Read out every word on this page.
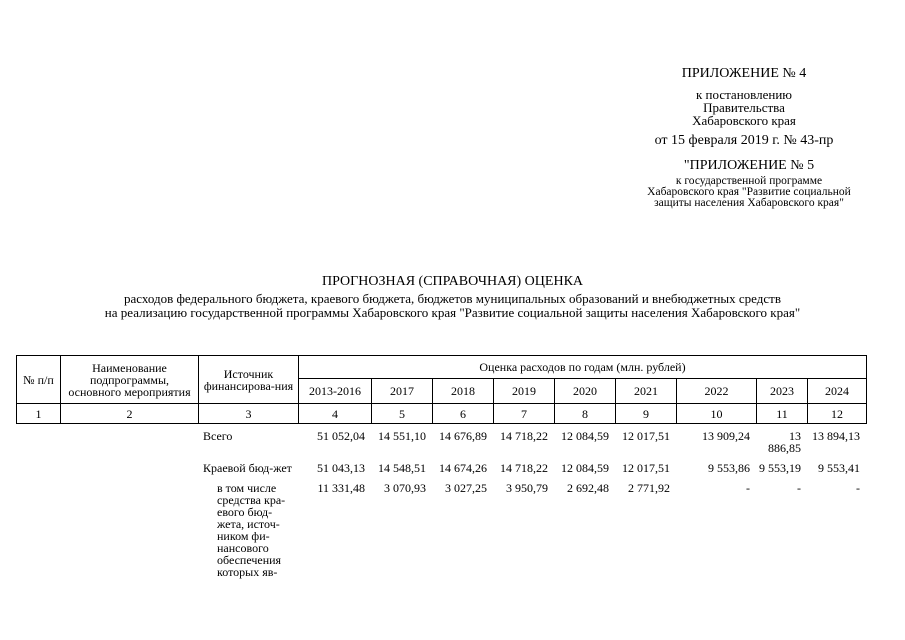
ПРИЛОЖЕНИЕ № 4
к постановлению
Правительства
Хабаровского края
от 15 февраля 2019 г. № 43-пр
"ПРИЛОЖЕНИЕ № 5
к государственной программе
Хабаровского края "Развитие социальной
защиты населения Хабаровского края"
ПРОГНОЗНАЯ (СПРАВОЧНАЯ) ОЦЕНКА
расходов федерального бюджета, краевого бюджета, бюджетов муниципальных образований и внебюджетных средств
на реализацию государственной программы Хабаровского края "Развитие социальной защиты населения Хабаровского края"
№ п/п	Наименование подпрограммы, основного мероприятия	Источник финансирова-ния	Оценка расходов по годам (млн. рублей)								
			2013-2016	2017	2018	2019	2020	2021	2022	2023	2024
1	2	3	4	5	6	7	8	9	10	11	12
		Всего	51 052,04	14 551,10	14 676,89	14 718,22	12 084,59	12 017,51	13 909,24	13 886,85	13 894,13
		Краевой бюд-жет	51 043,13	14 548,51	14 674,26	14 718,22	12 084,59	12 017,51	9 553,86	9 553,19	9 553,41
		в том числе средства кра-евого бюд-жета, источ-ником фи-нансового обеспечения которых яв-	11 331,48	3 070,93	3 027,25	3 950,79	2 692,48	2 771,92	-	-	-
